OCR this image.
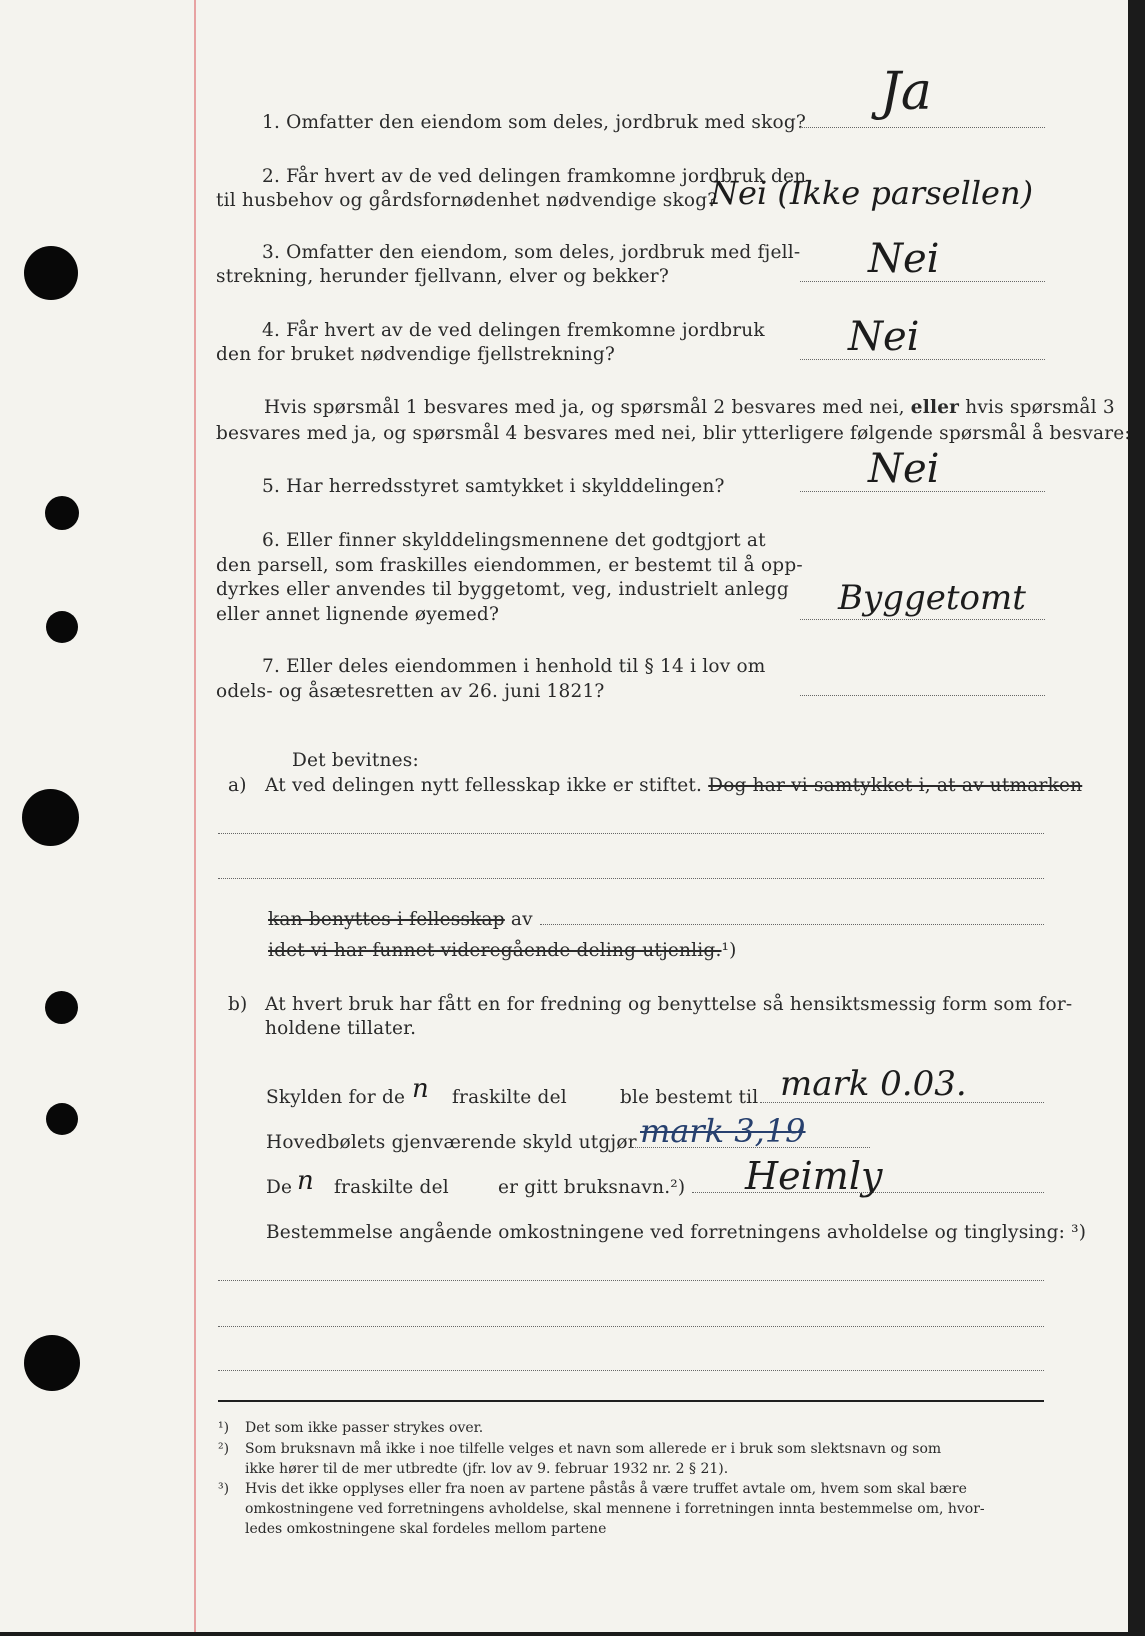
1. Omfatter den eiendom som deles, jordbruk med skog?
Ja
2. Får hvert av de ved delingen framkomne jordbruk den
til husbehov og gårdsfornødenhet nødvendige skog?
Nei (Ikke parsellen)
3. Omfatter den eiendom, som deles, jordbruk med fjell-
strekning, herunder fjellvann, elver og bekker?	Nei
4. Får hvert av de ved delingen fremkomne jordbruk
den for bruket nødvendige fjellstrekning?	Nei
Hvis spørsmål 1 besvares med ja, og spørsmål 2 besvares med nei, eller hvis spørsmål 3
besvares med ja, og spørsmål 4 besvares med nei, blir ytterligere følgende spørsmål å besvare:
5. Har herredsstyret samtykket i skylddelingen?	Nei
6. Eller finner skylddelingsmennene det godtgjort at
den parsell, som fraskilles eiendommen, er bestemt til å opp-
dyrkes eller anvendes til byggetomt, veg, industrielt anlegg
eller annet lignende øyemed?	Byggetomt
7. Eller deles eiendommen i henhold til § 14 i lov om
odels- og åsætesretten av 26. juni 1821?
Det bevitnes:
a) At ved delingen nytt fellesskap ikke er stiftet. Dog har vi samtykket i, at av utmarken
kan benyttes i fellesskap av
idet vi har funnet videregående deling utjenlig.¹)
b) At hvert bruk har fått en for fredning og benyttelse så hensiktsmessig form som for-
holdene tillater.
Skylden for de n fraskilte del	ble bestemt til mark 0.03.
Hovedbølets gjenværende skyld utgjør mark 3,19
De n fraskilte del	er gitt bruksnavn.²) Heimly
Bestemmelse angående omkostningene ved forretningens avholdelse og tinglysing: ³)
¹) Det som ikke passer strykes over.
²) Som bruksnavn må ikke i noe tilfelle velges et navn som allerede er i bruk som slektsnavn og som
ikke hører til de mer utbredte (jfr. lov av 9. februar 1932 nr. 2 § 21).
³) Hvis det ikke opplyses eller fra noen av partene påstås å være truffet avtale om, hvem som skal bære
omkostningene ved forretningens avholdelse, skal mennene i forretningen innta bestemmelse om, hvor-
ledes omkostningene skal fordeles mellom partene
